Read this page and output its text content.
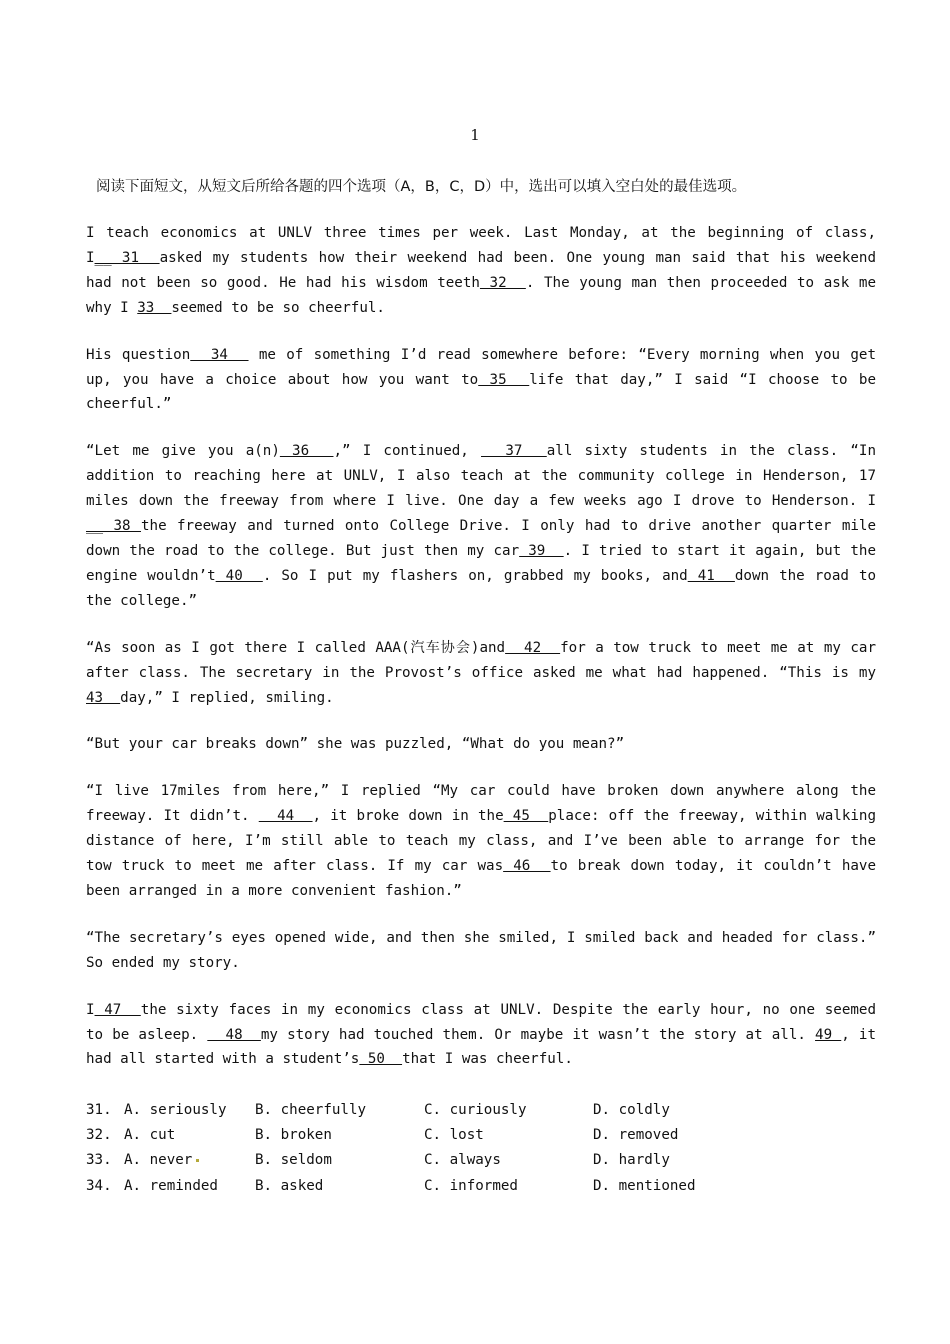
1
阅读下面短文，从短文后所给各题的四个选项（A，B，C，D）中，选出可以填入空白处的最佳选项。

I teach economics at UNLV three times per week. Last Monday, at the beginning of class, I__ 31  asked my students how their weekend had been. One young man said that his weekend had not been so good. He had his wisdom teeth 32  . The young man then proceeded to ask me why I 33  seemed to be so cheerful.

His question  34   me of something I’d read somewhere before: “Every morning when you get up, you have a choice about how you want to 35  life that day,” I said “I choose to be cheerful.”

“Let me give you a(n) 36  ,” I continued,   37  all sixty students in the class. “In addition to reaching here at UNLV, I also teach at the community college in Henderson, 17 miles down the freeway from where I live. One day a few weeks ago I drove to Henderson. I __ 38 the freeway and turned onto College Drive. I only had to drive another quarter mile down the road to the college. But just then my car 39  . I tried to start it again, but the engine wouldn’t 40  . So I put my flashers on, grabbed my books, and 41  down the road to the college.”

“As soon as I got there I called AAA(汽车协会)and  42  for a tow truck to meet me at my car after class. The secretary in the Provost’s office asked me what had happened. “This is my 43  day,” I replied, smiling.

“But your car breaks down” she was puzzled, “What do you mean?”

“I live 17miles from here,” I replied “My car could have broken down anywhere along the freeway. It didn’t.   44  , it broke down in the 45  place: off the freeway, within walking distance of here, I’m still able to teach my class, and I’ve been able to arrange for the tow truck to meet me after class. If my car was 46  to break down today, it couldn’t have been arranged in a more convenient fashion.”

“The secretary’s eyes opened wide, and then she smiled, I smiled back and headed for class.” So ended my story.

I 47  the sixty faces in my economics class at UNLV. Despite the early hour, no one seemed to be asleep.   48  my story had touched them. Or maybe it wasn’t the story at all. 49 , it had all started with a student’s 50  that I was cheerful.

31. A. seriously	B. cheerfully	C. curiously	D. coldly
32. A. cut	B. broken	C. lost	D. removed
33. A. never	B. seldom	C. always	D. hardly
34. A. reminded	B. asked	C. informed	D. mentioned
